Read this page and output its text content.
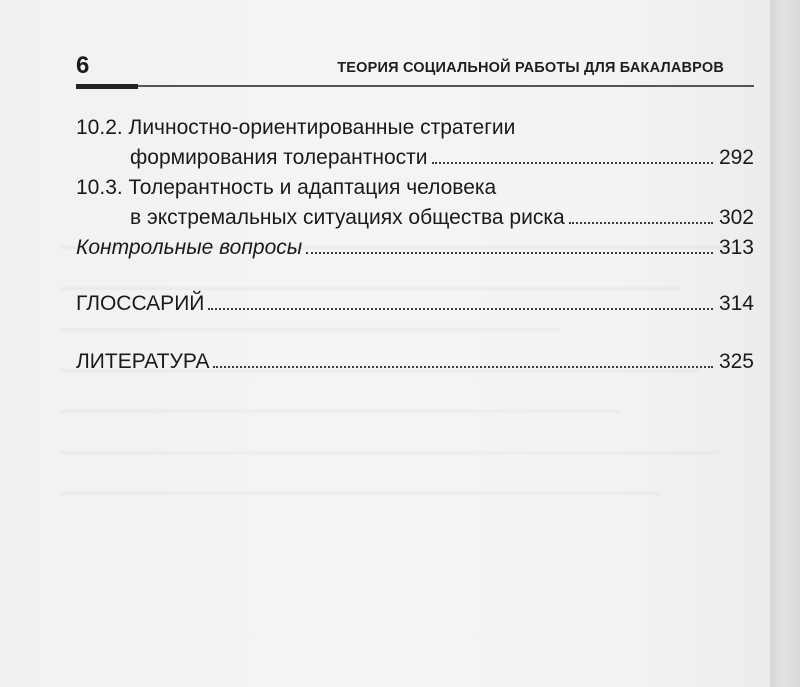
6	ТЕОРИЯ СОЦИАЛЬНОЙ РАБОТЫ ДЛЯ БАКАЛАВРОВ
10.2. Личностно-ориентированные стратегии
формирования толерантности	292
10.3. Толерантность и адаптация человека
в экстремальных ситуациях общества риска	302
Контрольные вопросы	313
ГЛОССАРИЙ	314
ЛИТЕРАТУРА	325
